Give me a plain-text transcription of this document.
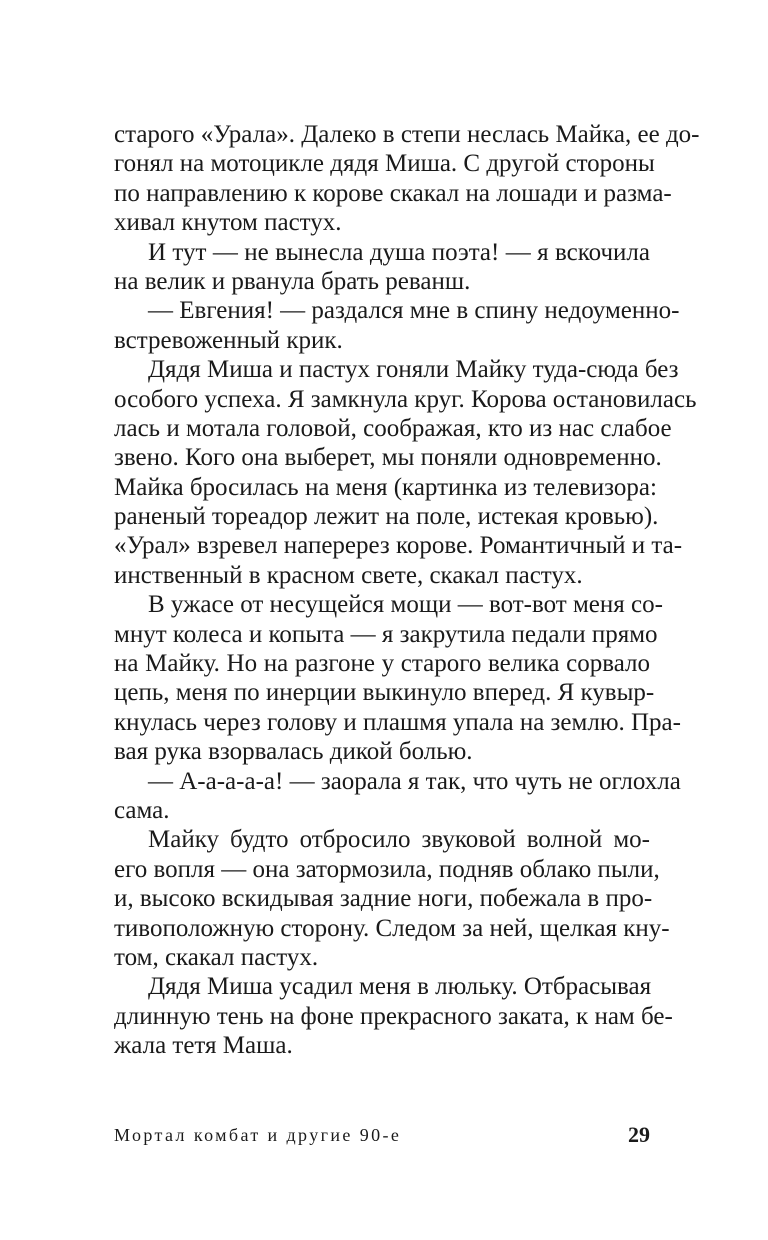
старого «Урала». Далеко в степи неслась Майка, ее до-
гонял на мотоцикле дядя Миша. С другой стороны
по направлению к корове скакал на лошади и разма-
хивал кнутом пастух.
И тут — не вынесла душа поэта! — я вскочила
на велик и рванула брать реванш.
— Евгения! — раздался мне в спину недоуменно-
встревоженный крик.
Дядя Миша и пастух гоняли Майку туда-сюда без
особого успеха. Я замкнула круг. Корова остановилась
лась и мотала головой, соображая, кто из нас слабое
звено. Кого она выберет, мы поняли одновременно.
Майка бросилась на меня (картинка из телевизора:
раненый тореадор лежит на поле, истекая кровью).
«Урал» взревел наперерез корове. Романтичный и та-
инственный в красном свете, скакал пастух.
В ужасе от несущейся мощи — вот-вот меня со-
мнут колеса и копыта — я закрутила педали прямо
на Майку. Но на разгоне у старого велика сорвало
цепь, меня по инерции выкинуло вперед. Я кувыр-
кнулась через голову и плашмя упала на землю. Пра-
вая рука взорвалась дикой болью.
— А-а-а-а-а! — заорала я так, что чуть не оглохла
сама.
Майку будто отбросило звуковой волной мо-
его вопля — она затормозила, подняв облако пыли,
и, высоко вскидывая задние ноги, побежала в про-
тивоположную сторону. Следом за ней, щелкая кну-
том, скакал пастух.
Дядя Миша усадил меня в люльку. Отбрасывая
длинную тень на фоне прекрасного заката, к нам бе-
жала тетя Маша.
Мортал комбат и другие 90-е	29
